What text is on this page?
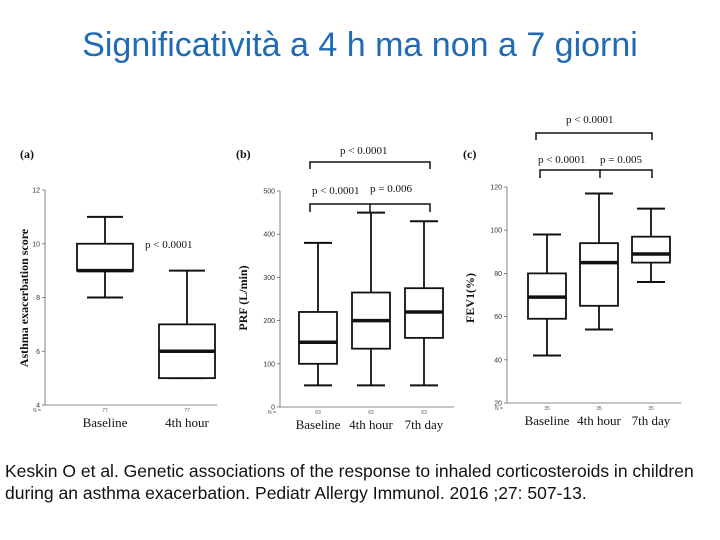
Significatività a 4 h ma non a 7 giorni
(a)	(b)	(c)
Asthma exacerbation score	PRF (L/min)	FEV1(%)
p < 0.0001
p < 0.0001
p < 0.0001 p = 0.006
p < 0.0001
p < 0.0001 p = 0.005
4
6
8
10
12
N =	77
Baseline
77
4th hour
0
100
200
300
400
500
N =	63
Baseline
63
4th hour
63
7th day
20
40
60
80
100
120
N =	35
Baseline
35
4th hour
35
7th day
Keskin O et al. Genetic associations of the response to inhaled corticosteroids in children during an asthma exacerbation. Pediatr Allergy Immunol. 2016 ;27: 507-13.
